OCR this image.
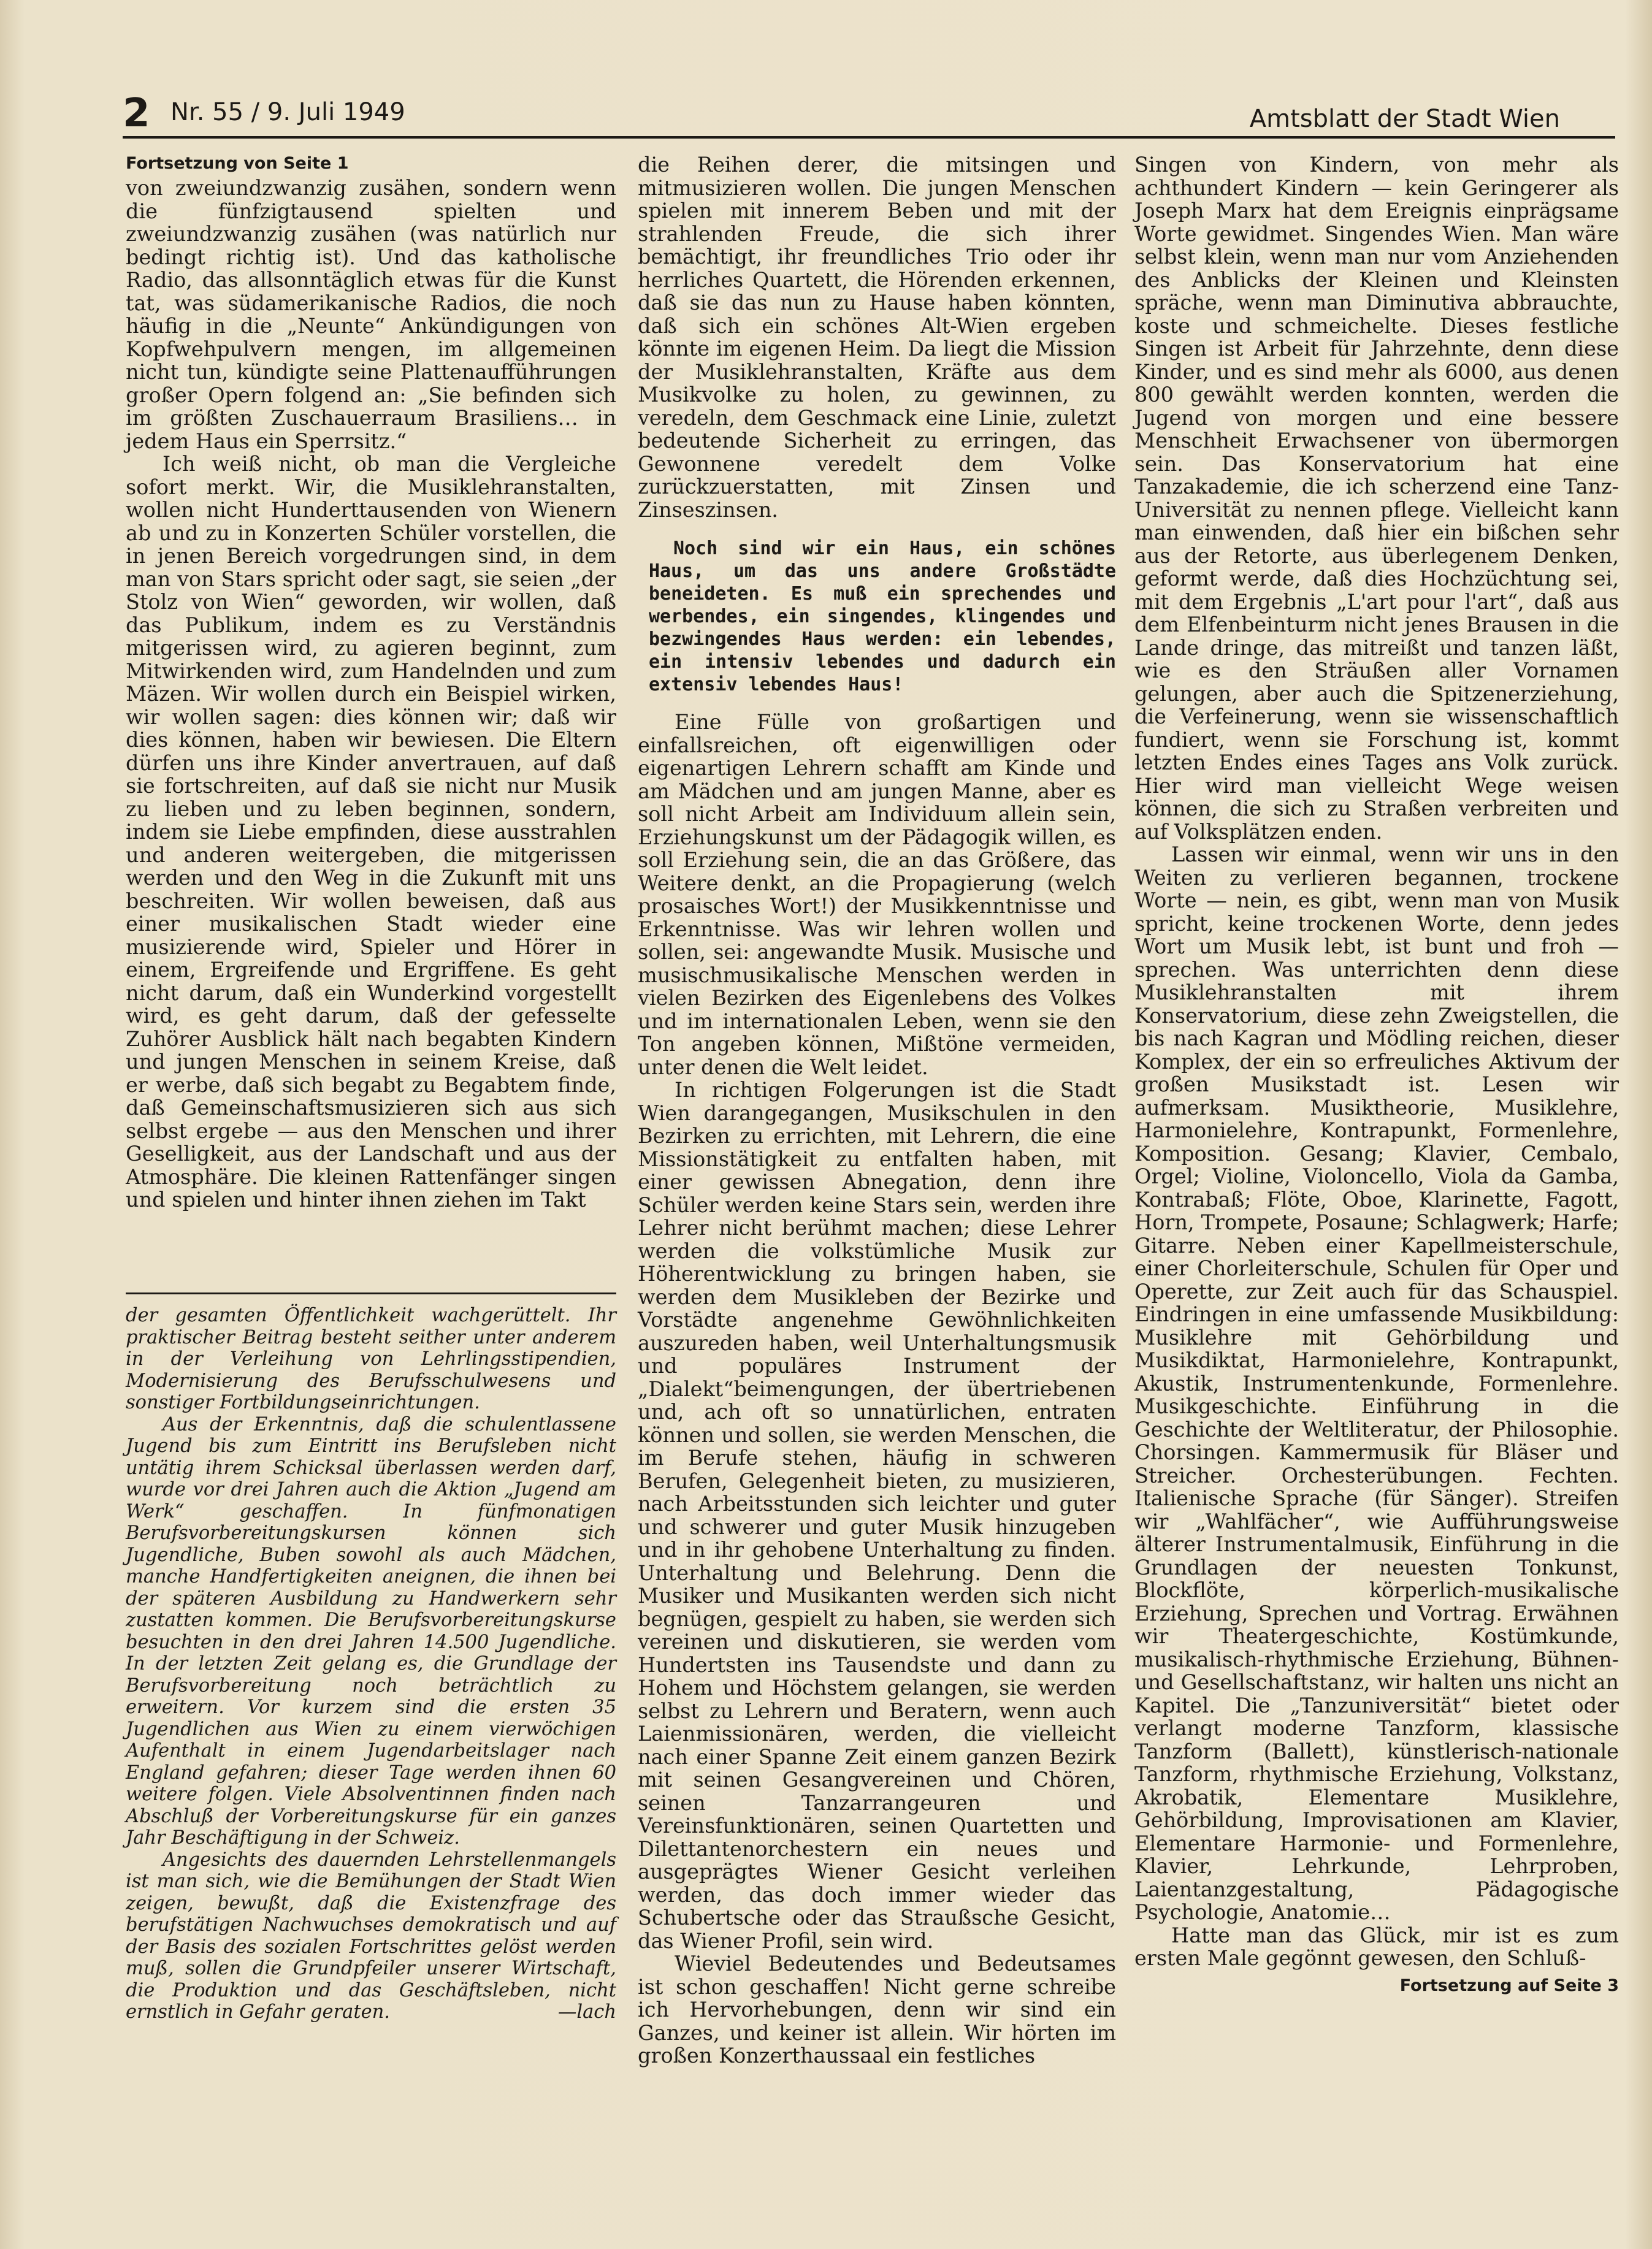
2 Nr. 55 / 9. Juli 1949	Amtsblatt der Stadt Wien
Fortsetzung von Seite 1

von zweiundzwanzig zusähen, sondern wenn die fünfzigtausend spielten und zweiundzwanzig zusähen (was natürlich nur bedingt richtig ist). Und das katholische Radio, das allsonntäglich etwas für die Kunst tat, was südamerikanische Radios, die noch häufig in die „Neunte“ Ankündigungen von Kopfwehpulvern mengen, im allgemeinen nicht tun, kündigte seine Plattenaufführungen großer Opern folgend an: „Sie befinden sich im größten Zuschauerraum Brasiliens… in jedem Haus ein Sperrsitz.“

Ich weiß nicht, ob man die Vergleiche sofort merkt. Wir, die Musiklehranstalten, wollen nicht Hunderttausenden von Wienern ab und zu in Konzerten Schüler vorstellen, die in jenen Bereich vorgedrungen sind, in dem man von Stars spricht oder sagt, sie seien „der Stolz von Wien“ geworden, wir wollen, daß das Publikum, indem es zu Verständnis mitgerissen wird, zu agieren beginnt, zum Mitwirkenden wird, zum Handelnden und zum Mäzen. Wir wollen durch ein Beispiel wirken, wir wollen sagen: dies können wir; daß wir dies können, haben wir bewiesen. Die Eltern dürfen uns ihre Kinder anvertrauen, auf daß sie fortschreiten, auf daß sie nicht nur Musik zu lieben und zu leben beginnen, sondern, indem sie Liebe empfinden, diese ausstrahlen und anderen weitergeben, die mitgerissen werden und den Weg in die Zukunft mit uns beschreiten. Wir wollen beweisen, daß aus einer musikalischen Stadt wieder eine musizierende wird, Spieler und Hörer in einem, Ergreifende und Ergriffene. Es geht nicht darum, daß ein Wunderkind vorgestellt wird, es geht darum, daß der gefesselte Zuhörer Ausblick hält nach begabten Kindern und jungen Menschen in seinem Kreise, daß er werbe, daß sich begabt zu Begabtem finde, daß Gemeinschaftsmusizieren sich aus sich selbst ergebe — aus den Menschen und ihrer Geselligkeit, aus der Landschaft und aus der Atmosphäre. Die kleinen Rattenfänger singen und spielen und hinter ihnen ziehen im Takt

der gesamten Öffentlichkeit wachgerüttelt. Ihr praktischer Beitrag besteht seither unter anderem in der Verleihung von Lehrlingsstipendien, Modernisierung des Berufsschulwesens und sonstiger Fortbildungseinrichtungen.

Aus der Erkenntnis, daß die schulentlassene Jugend bis zum Eintritt ins Berufsleben nicht untätig ihrem Schicksal überlassen werden darf, wurde vor drei Jahren auch die Aktion „Jugend am Werk“ geschaffen. In fünfmonatigen Berufsvorbereitungskursen können sich Jugendliche, Buben sowohl als auch Mädchen, manche Handfertigkeiten aneignen, die ihnen bei der späteren Ausbildung zu Handwerkern sehr zustatten kommen. Die Berufsvorbereitungskurse besuchten in den drei Jahren 14.500 Jugendliche. In der letzten Zeit gelang es, die Grundlage der Berufsvorbereitung noch beträchtlich zu erweitern. Vor kurzem sind die ersten 35 Jugendlichen aus Wien zu einem vierwöchigen Aufenthalt in einem Jugendarbeitslager nach England gefahren; dieser Tage werden ihnen 60 weitere folgen. Viele Absolventinnen finden nach Abschluß der Vorbereitungskurse für ein ganzes Jahr Beschäftigung in der Schweiz.

Angesichts des dauernden Lehrstellenmangels ist man sich, wie die Bemühungen der Stadt Wien zeigen, bewußt, daß die Existenzfrage des berufstätigen Nachwuchses demokratisch und auf der Basis des sozialen Fortschrittes gelöst werden muß, sollen die Grundpfeiler unserer Wirtschaft, die Produktion und das Geschäftsleben, nicht ernstlich in Gefahr geraten.	—lach

die Reihen derer, die mitsingen und mitmusizieren wollen. Die jungen Menschen spielen mit innerem Beben und mit der strahlenden Freude, die sich ihrer bemächtigt, ihr freundliches Trio oder ihr herrliches Quartett, die Hörenden erkennen, daß sie das nun zu Hause haben könnten, daß sich ein schönes Alt-Wien ergeben könnte im eigenen Heim. Da liegt die Mission der Musiklehranstalten, Kräfte aus dem Musikvolke zu holen, zu gewinnen, zu veredeln, dem Geschmack eine Linie, zuletzt bedeutende Sicherheit zu erringen, das Gewonnene veredelt dem Volke zurückzuerstatten, mit Zinsen und Zinseszinsen.

Noch sind wir ein Haus, ein schönes Haus, um das uns andere Großstädte beneideten. Es muß ein sprechendes und werbendes, ein singendes, klingendes und bezwingendes Haus werden: ein lebendes, ein intensiv lebendes und dadurch ein extensiv lebendes Haus!

Eine Fülle von großartigen und einfallsreichen, oft eigenwilligen oder eigenartigen Lehrern schafft am Kinde und am Mädchen und am jungen Manne, aber es soll nicht Arbeit am Individuum allein sein, Erziehungskunst um der Pädagogik willen, es soll Erziehung sein, die an das Größere, das Weitere denkt, an die Propagierung (welch prosaisches Wort!) der Musikkenntnisse und Erkenntnisse. Was wir lehren wollen und sollen, sei: angewandte Musik. Musische und musischmusikalische Menschen werden in vielen Bezirken des Eigenlebens des Volkes und im internationalen Leben, wenn sie den Ton angeben können, Mißtöne vermeiden, unter denen die Welt leidet.

In richtigen Folgerungen ist die Stadt Wien darangegangen, Musikschulen in den Bezirken zu errichten, mit Lehrern, die eine Missionstätigkeit zu entfalten haben, mit einer gewissen Abnegation, denn ihre Schüler werden keine Stars sein, werden ihre Lehrer nicht berühmt machen; diese Lehrer werden die volkstümliche Musik zur Höherentwicklung zu bringen haben, sie werden dem Musikleben der Bezirke und Vorstädte angenehme Gewöhnlichkeiten auszureden haben, weil Unterhaltungsmusik und populäres Instrument der „Dialekt“beimengungen, der übertriebenen und, ach oft so unnatürlichen, entraten können und sollen, sie werden Menschen, die im Berufe stehen, häufig in schweren Berufen, Gelegenheit bieten, zu musizieren, nach Arbeitsstunden sich leichter und guter und schwerer und guter Musik hinzugeben und in ihr gehobene Unterhaltung zu finden. Unterhaltung und Belehrung. Denn die Musiker und Musikanten werden sich nicht begnügen, gespielt zu haben, sie werden sich vereinen und diskutieren, sie werden vom Hundertsten ins Tausendste und dann zu Hohem und Höchstem gelangen, sie werden selbst zu Lehrern und Beratern, wenn auch Laienmissionären, werden, die vielleicht nach einer Spanne Zeit einem ganzen Bezirk mit seinen Gesangvereinen und Chören, seinen Tanzarrangeuren und Vereinsfunktionären, seinen Quartetten und Dilettantenorchestern ein neues und ausgeprägtes Wiener Gesicht verleihen werden, das doch immer wieder das Schubertsche oder das Straußsche Gesicht, das Wiener Profil, sein wird.

Wieviel Bedeutendes und Bedeutsames ist schon geschaffen! Nicht gerne schreibe ich Hervorhebungen, denn wir sind ein Ganzes, und keiner ist allein. Wir hörten im großen Konzerthaussaal ein festliches

Singen von Kindern, von mehr als achthundert Kindern — kein Geringerer als Joseph Marx hat dem Ereignis einprägsame Worte gewidmet. Singendes Wien. Man wäre selbst klein, wenn man nur vom Anziehenden des Anblicks der Kleinen und Kleinsten spräche, wenn man Diminutiva abbrauchte, koste und schmeichelte. Dieses festliche Singen ist Arbeit für Jahrzehnte, denn diese Kinder, und es sind mehr als 6000, aus denen 800 gewählt werden konnten, werden die Jugend von morgen und eine bessere Menschheit Erwachsener von übermorgen sein. Das Konservatorium hat eine Tanzakademie, die ich scherzend eine Tanz-Universität zu nennen pflege. Vielleicht kann man einwenden, daß hier ein bißchen sehr aus der Retorte, aus überlegenem Denken, geformt werde, daß dies Hochzüchtung sei, mit dem Ergebnis „L'art pour l'art“, daß aus dem Elfenbeinturm nicht jenes Brausen in die Lande dringe, das mitreißt und tanzen läßt, wie es den Sträußen aller Vornamen gelungen, aber auch die Spitzenerziehung, die Verfeinerung, wenn sie wissenschaftlich fundiert, wenn sie Forschung ist, kommt letzten Endes eines Tages ans Volk zurück. Hier wird man vielleicht Wege weisen können, die sich zu Straßen verbreiten und auf Volksplätzen enden.

Lassen wir einmal, wenn wir uns in den Weiten zu verlieren begannen, trockene Worte — nein, es gibt, wenn man von Musik spricht, keine trockenen Worte, denn jedes Wort um Musik lebt, ist bunt und froh — sprechen. Was unterrichten denn diese Musiklehranstalten mit ihrem Konservatorium, diese zehn Zweigstellen, die bis nach Kagran und Mödling reichen, dieser Komplex, der ein so erfreuliches Aktivum der großen Musikstadt ist. Lesen wir aufmerksam. Musiktheorie, Musiklehre, Harmonielehre, Kontrapunkt, Formenlehre, Komposition. Gesang; Klavier, Cembalo, Orgel; Violine, Violoncello, Viola da Gamba, Kontrabaß; Flöte, Oboe, Klarinette, Fagott, Horn, Trompete, Posaune; Schlagwerk; Harfe; Gitarre. Neben einer Kapellmeisterschule, einer Chorleiterschule, Schulen für Oper und Operette, zur Zeit auch für das Schauspiel. Eindringen in eine umfassende Musikbildung: Musiklehre mit Gehörbildung und Musikdiktat, Harmonielehre, Kontrapunkt, Akustik, Instrumentenkunde, Formenlehre. Musikgeschichte. Einführung in die Geschichte der Weltliteratur, der Philosophie. Chorsingen. Kammermusik für Bläser und Streicher. Orchesterübungen. Fechten. Italienische Sprache (für Sänger). Streifen wir „Wahlfächer“, wie Aufführungsweise älterer Instrumentalmusik, Einführung in die Grundlagen der neuesten Tonkunst, Blockflöte, körperlich-musikalische Erziehung, Sprechen und Vortrag. Erwähnen wir Theatergeschichte, Kostümkunde, musikalisch-rhythmische Erziehung, Bühnen- und Gesellschaftstanz, wir halten uns nicht an Kapitel. Die „Tanzuniversität“ bietet oder verlangt moderne Tanzform, klassische Tanzform (Ballett), künstlerisch-nationale Tanzform, rhythmische Erziehung, Volkstanz, Akrobatik, Elementare Musiklehre, Gehörbildung, Improvisationen am Klavier, Elementare Harmonie- und Formenlehre, Klavier, Lehrkunde, Lehrproben, Laientanzgestaltung, Pädagogische Psychologie, Anatomie…

Hatte man das Glück, mir ist es zum ersten Male gegönnt gewesen, den Schluß-

Fortsetzung auf Seite 3
